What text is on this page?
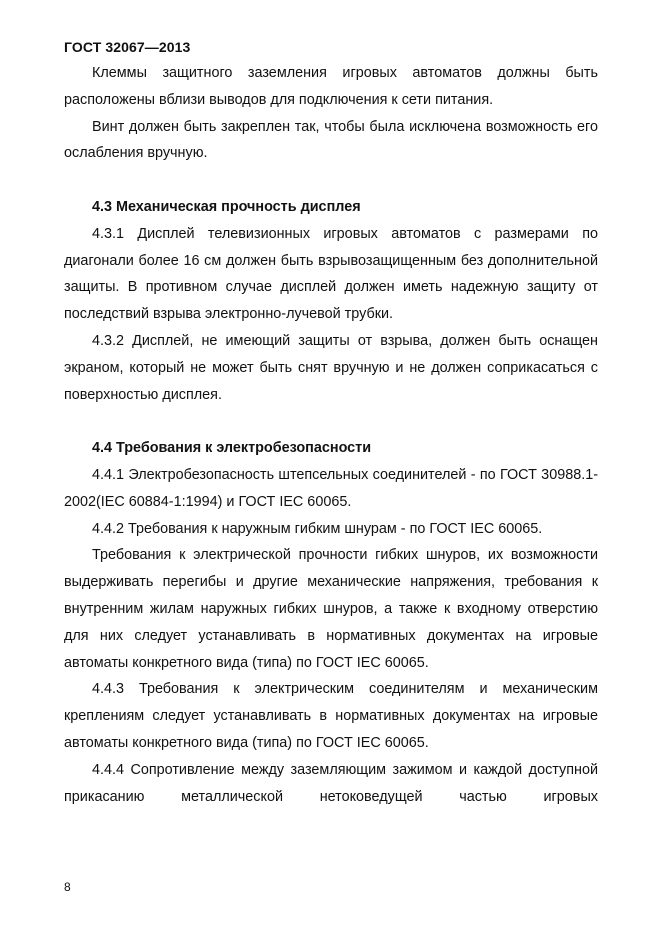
ГОСТ 32067—2013

Клеммы защитного заземления игровых автоматов должны быть расположены вблизи выводов для подключения к сети питания.

Винт должен быть закреплен так, чтобы была исключена возможность его ослабления вручную.

4.3 Механическая прочность дисплея

4.3.1 Дисплей телевизионных игровых автоматов с размерами по диагонали более 16 см должен быть взрывозащищенным без дополнительной защиты. В противном случае дисплей должен иметь надежную защиту от последствий взрыва электронно-лучевой трубки.

4.3.2 Дисплей, не имеющий защиты от взрыва, должен быть оснащен экраном, который не может быть снят вручную и не должен соприкасаться с поверхностью дисплея.

4.4 Требования к электробезопасности

4.4.1 Электробезопасность штепсельных соединителей - по ГОСТ 30988.1-2002(IEC 60884-1:1994) и ГОСТ IEC 60065.

4.4.2 Требования к наружным гибким шнурам - по ГОСТ IEC 60065.

Требования к электрической прочности гибких шнуров, их возможности выдерживать перегибы и другие механические напряжения, требования к внутренним жилам наружных гибких шнуров, а также к входному отверстию для них следует устанавливать в нормативных документах на игровые автоматы конкретного вида (типа) по ГОСТ IEC 60065.

4.4.3 Требования к электрическим соединителям и механическим креплениям следует устанавливать в нормативных документах на игровые автоматы конкретного вида (типа) по ГОСТ IEC 60065.

4.4.4 Сопротивление между заземляющим зажимом и каждой доступной прикасанию металлической нетоковедущей частью игровых

8
